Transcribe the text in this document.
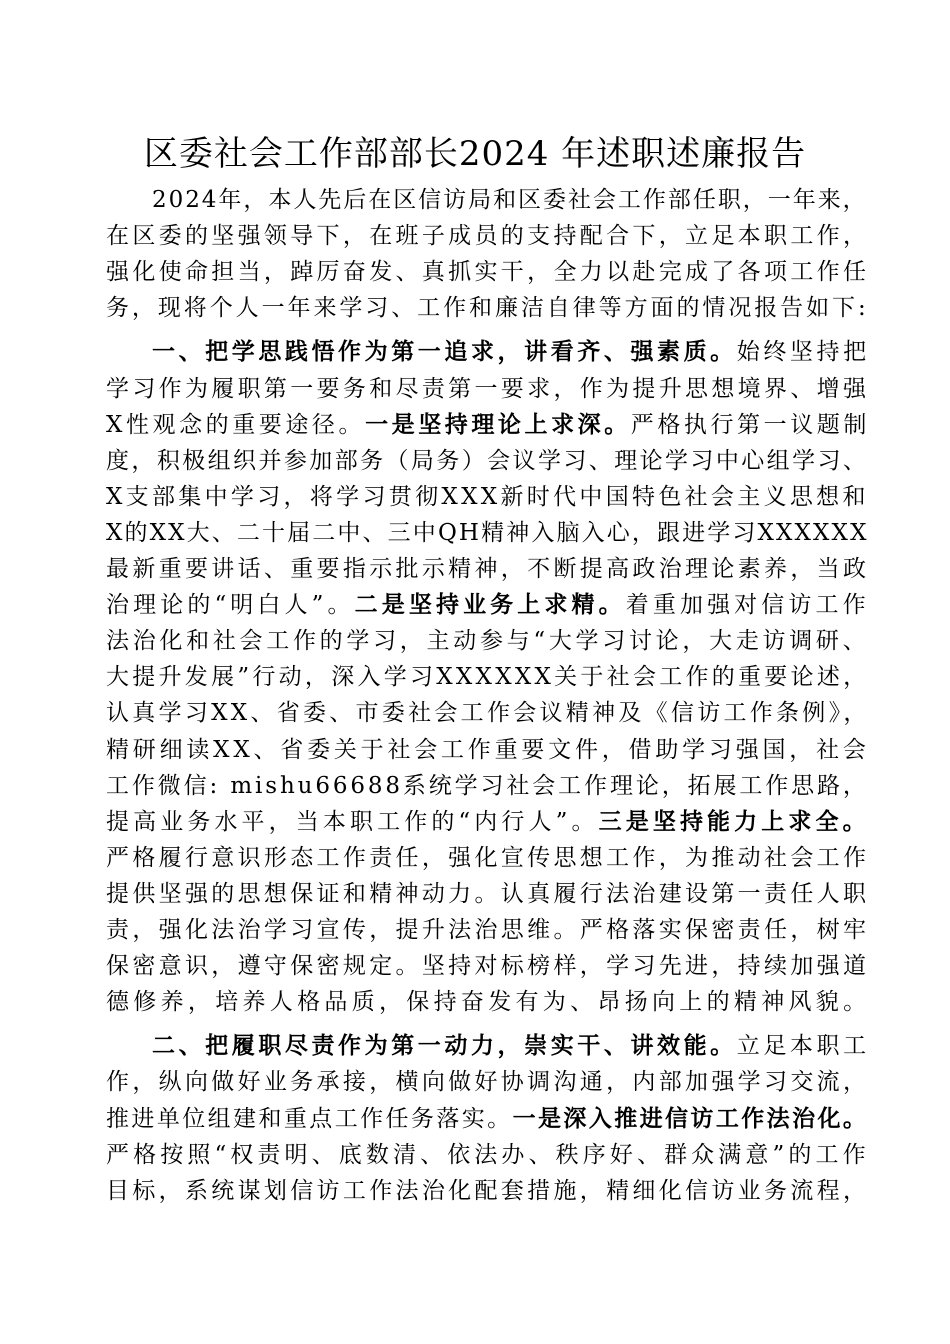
区委社会工作部部长2024 年述职述廉报告
2024年，本人先后在区信访局和区委社会工作部任职，一年来，
在区委的坚强领导下，在班子成员的支持配合下，立足本职工作，
强化使命担当，踔厉奋发、真抓实干，全力以赴完成了各项工作任
务，现将个人一年来学习、工作和廉洁自律等方面的情况报告如下:
一、把学思践悟作为第一追求，讲看齐、强素质。始终坚持把
学习作为履职第一要务和尽责第一要求，作为提升思想境界、增强
X性观念的重要途径。一是坚持理论上求深。严格执行第一议题制
度，积极组织并参加部务（局务）会议学习、理论学习中心组学习、
X支部集中学习，将学习贯彻XXX新时代中国特色社会主义思想和
X的XX大、二十届二中、三中QH精神入脑入心，跟进学习XXXXXX
最新重要讲话、重要指示批示精神，不断提高政治理论素养，当政
治理论的“明白人”。二是坚持业务上求精。着重加强对信访工作
法治化和社会工作的学习，主动参与“大学习讨论，大走访调研、
大提升发展”行动，深入学习XXXXXX关于社会工作的重要论述，
认真学习XX、省委、市委社会工作会议精神及《信访工作条例》，
精研细读XX、省委关于社会工作重要文件，借助学习强国，社会
工作微信: mishu66688系统学习社会工作理论，拓展工作思路，
提高业务水平，当本职工作的“内行人”。三是坚持能力上求全。
严格履行意识形态工作责任，强化宣传思想工作，为推动社会工作
提供坚强的思想保证和精神动力。认真履行法治建设第一责任人职
责，强化法治学习宣传，提升法治思维。严格落实保密责任，树牢
保密意识，遵守保密规定。坚持对标榜样，学习先进，持续加强道
德修养，培养人格品质，保持奋发有为、昂扬向上的精神风貌。
二、把履职尽责作为第一动力，崇实干、讲效能。立足本职工
作，纵向做好业务承接，横向做好协调沟通，内部加强学习交流，
推进单位组建和重点工作任务落实。一是深入推进信访工作法治化。
严格按照“权责明、底数清、依法办、秩序好、群众满意”的工作
目标，系统谋划信访工作法治化配套措施，精细化信访业务流程，
